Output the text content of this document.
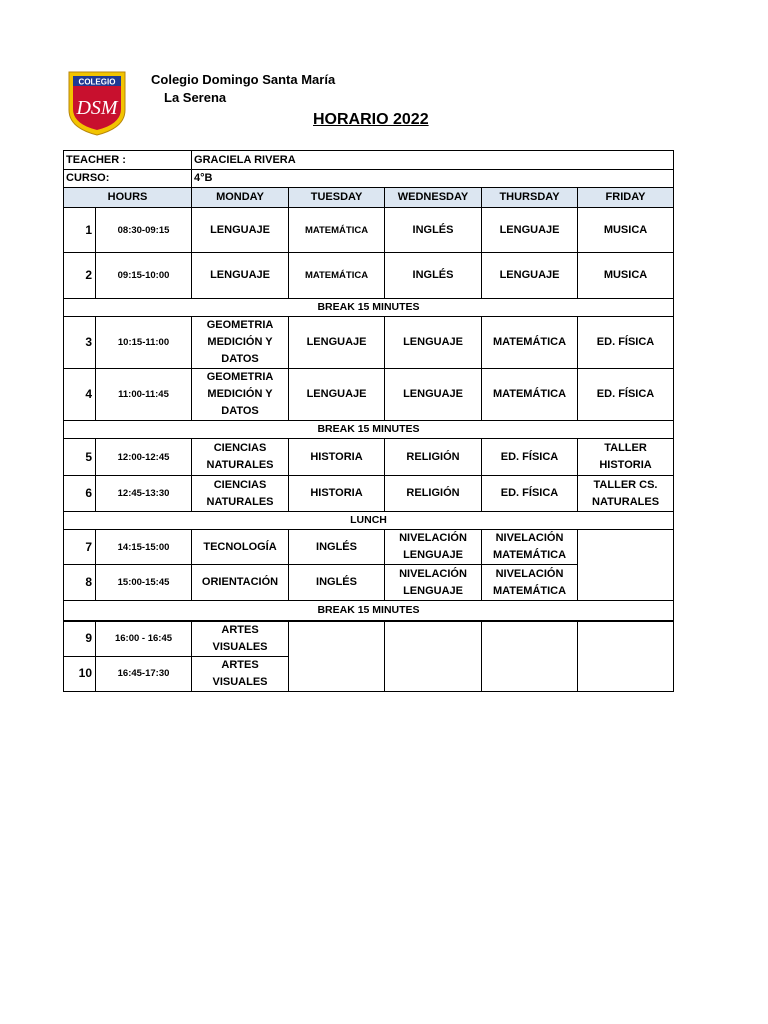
COLEGIO
DSM
Colegio Domingo Santa María
La Serena
HORARIO 2022
TEACHER :		GRACIELA RIVERA				
CURSO:		4°B				
HOURS		MONDAY	TUESDAY	WEDNESDAY	THURSDAY	FRIDAY
1	08:30-09:15	LENGUAJE	MATEMÁTICA	INGLÉS	LENGUAJE	MUSICA
2	09:15-10:00	LENGUAJE	MATEMÁTICA	INGLÉS	LENGUAJE	MUSICA
BREAK 15 MINUTES						
3	10:15-11:00	GEOMETRIA MEDICIÓN Y DATOS	LENGUAJE	LENGUAJE	MATEMÁTICA	ED. FÍSICA
4	11:00-11:45	GEOMETRIA MEDICIÓN Y DATOS	LENGUAJE	LENGUAJE	MATEMÁTICA	ED. FÍSICA
BREAK 15 MINUTES						
5	12:00-12:45	CIENCIAS NATURALES	HISTORIA	RELIGIÓN	ED. FÍSICA	TALLER HISTORIA
6	12:45-13:30	CIENCIAS NATURALES	HISTORIA	RELIGIÓN	ED. FÍSICA	TALLER CS. NATURALES
LUNCH						
7	14:15-15:00	TECNOLOGÍA	INGLÉS	NIVELACIÓN LENGUAJE	NIVELACIÓN MATEMÁTICA	
8	15:00-15:45	ORIENTACIÓN	INGLÉS	NIVELACIÓN LENGUAJE	NIVELACIÓN MATEMÁTICA	
BREAK 15 MINUTES						
9	16:00 - 16:45	ARTES VISUALES				
10	16:45-17:30	ARTES VISUALES				
